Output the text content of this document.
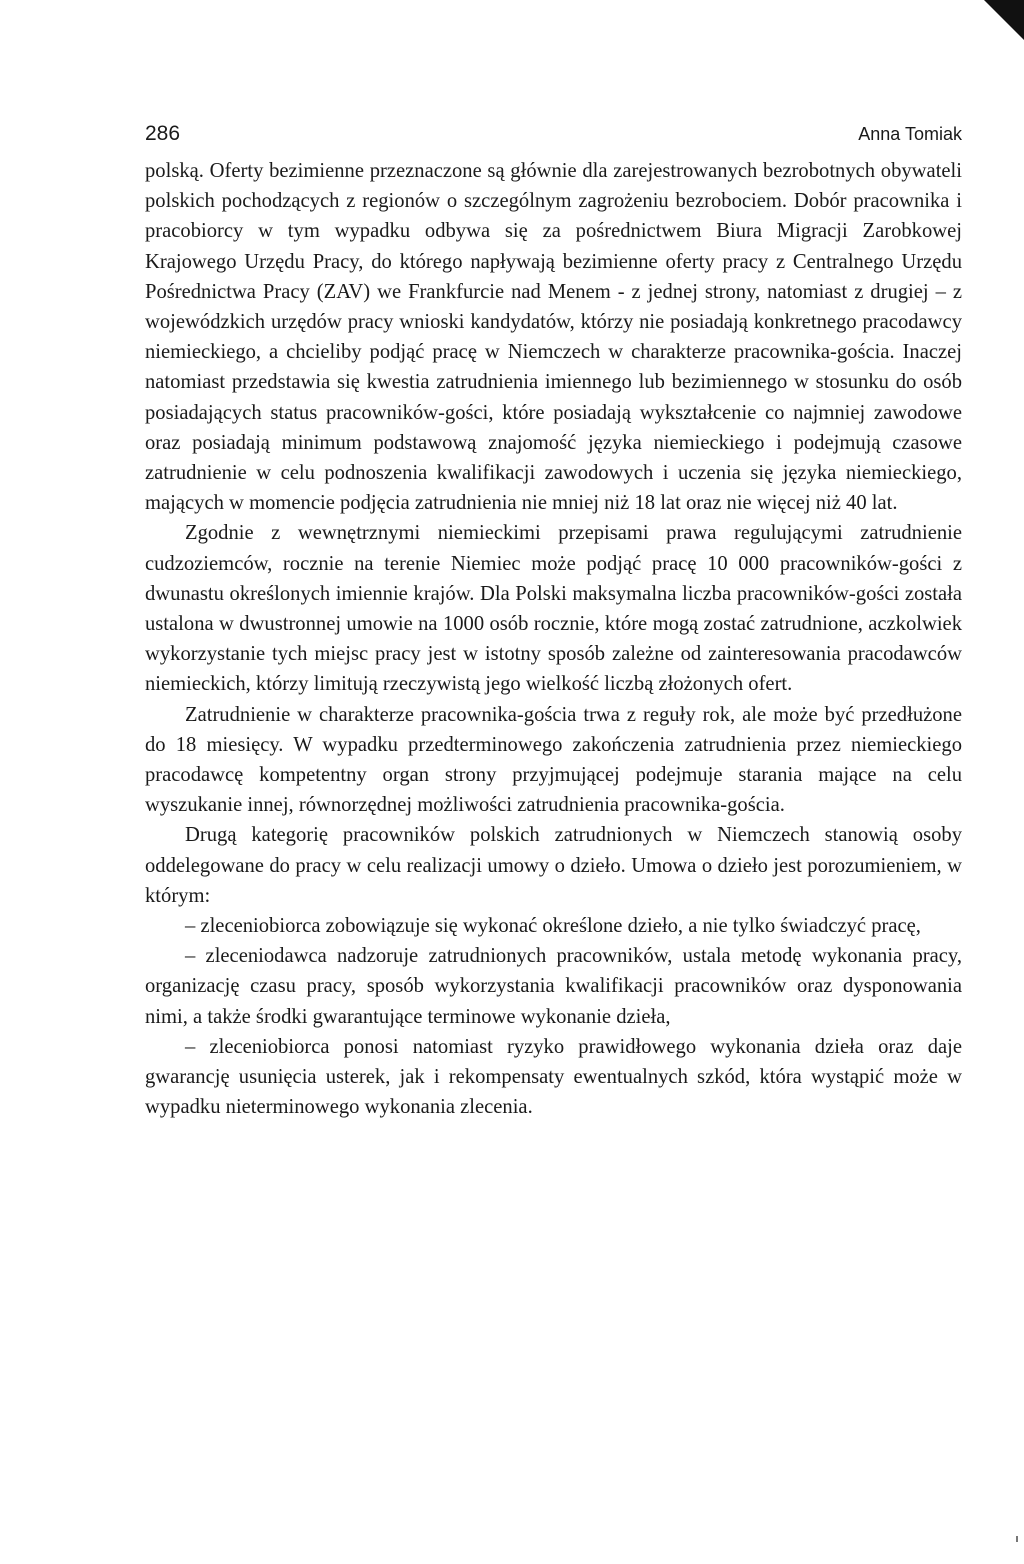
286	Anna Tomiak

polską. Oferty bezimienne przeznaczone są głównie dla zarejestrowanych bezrobotnych obywateli polskich pochodzących z regionów o szczególnym zagrożeniu bezrobociem. Dobór pracownika i pracobiorcy w tym wypadku odbywa się za pośrednictwem Biura Migracji Zarobkowej Krajowego Urzędu Pracy, do którego napływają bezimienne oferty pracy z Centralnego Urzędu Pośrednictwa Pracy (ZAV) we Frankfurcie nad Menem - z jednej strony, natomiast z drugiej – z wojewódzkich urzędów pracy wnioski kandydatów, którzy nie posiadają konkretnego pracodawcy niemieckiego, a chcieliby podjąć pracę w Niemczech w charakterze pracownika-gościa. Inaczej natomiast przedstawia się kwestia zatrudnienia imiennego lub bezimiennego w stosunku do osób posiadających status pracowników-gości, które posiadają wykształcenie co najmniej zawodowe oraz posiadają minimum podstawową znajomość języka niemieckiego i podejmują czasowe zatrudnienie w celu podnoszenia kwalifikacji zawodowych i uczenia się języka niemieckiego, mających w momencie podjęcia zatrudnienia nie mniej niż 18 lat oraz nie więcej niż 40 lat.

Zgodnie z wewnętrznymi niemieckimi przepisami prawa regulującymi zatrudnienie cudzoziemców, rocznie na terenie Niemiec może podjąć pracę 10 000 pracowników-gości z dwunastu określonych imiennie krajów. Dla Polski maksymalna liczba pracowników-gości została ustalona w dwustronnej umowie na 1000 osób rocznie, które mogą zostać zatrudnione, aczkolwiek wykorzystanie tych miejsc pracy jest w istotny sposób zależne od zainteresowania pracodawców niemieckich, którzy limitują rzeczywistą jego wielkość liczbą złożonych ofert.

Zatrudnienie w charakterze pracownika-gościa trwa z reguły rok, ale może być przedłużone do 18 miesięcy. W wypadku przedterminowego zakończenia zatrudnienia przez niemieckiego pracodawcę kompetentny organ strony przyjmującej podejmuje starania mające na celu wyszukanie innej, równorzędnej możliwości zatrudnienia pracownika-gościa.

Drugą kategorię pracowników polskich zatrudnionych w Niemczech stanowią osoby oddelegowane do pracy w celu realizacji umowy o dzieło. Umowa o dzieło jest porozumieniem, w którym:

– zleceniobiorca zobowiązuje się wykonać określone dzieło, a nie tylko świadczyć pracę,

– zleceniodawca nadzoruje zatrudnionych pracowników, ustala metodę wykonania pracy, organizację czasu pracy, sposób wykorzystania kwalifikacji pracowników oraz dysponowania nimi, a także środki gwarantujące terminowe wykonanie dzieła,

– zleceniobiorca ponosi natomiast ryzyko prawidłowego wykonania dzieła oraz daje gwarancję usunięcia usterek, jak i rekompensaty ewentualnych szkód, która wystąpić może w wypadku nieterminowego wykonania zlecenia.
